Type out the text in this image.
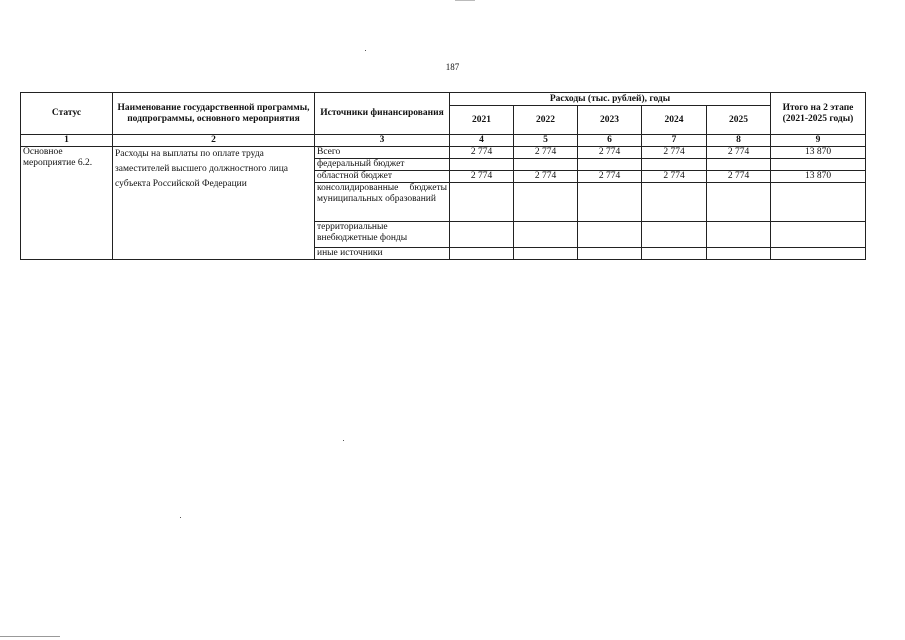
187
Статус	Наименование государственной программы, подпрограммы, основного мероприятия	Источники финансирования	Расходы (тыс. рублей), годы					Итого на 2 этапе (2021-2025 годы)
			2021	2022	2023	2024	2025	
1	2	3	4	5	6	7	8	9
Основное мероприятие 6.2.	Расходы на выплаты по оплате труда заместителей высшего должностного лица субъекта Российской Федерации	Всего	2 774	2 774	2 774	2 774	2 774	13 870
		федеральный бюджет						
		областной бюджет	2 774	2 774	2 774	2 774	2 774	13 870
		консолидированные бюджеты муниципальных образований						
		территориальные внебюджетные фонды						
		иные источники						
